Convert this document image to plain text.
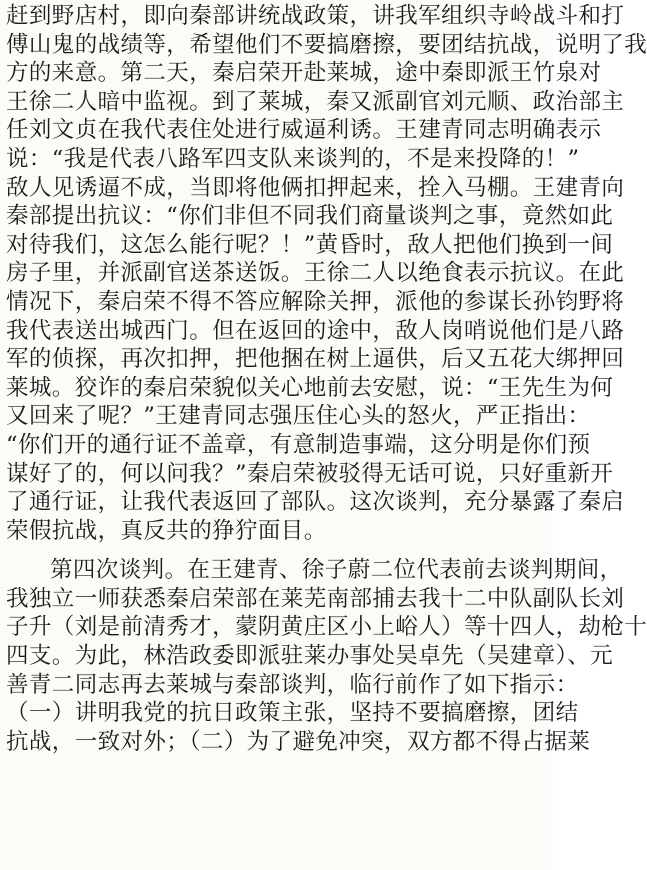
赶到野店村，即向秦部讲统战政策，讲我军组织寺岭战斗和打
傅山鬼的战绩等，希望他们不要搞磨擦，要团结抗战，说明了我
方的来意。第二天，秦启荣开赴莱城，途中秦即派王竹泉对
王徐二人暗中监视。到了莱城，秦又派副官刘元顺、政治部主
任刘文贞在我代表住处进行威逼利诱。王建青同志明确表示
说：“我是代表八路军四支队来谈判的，不是来投降的！”
敌人见诱逼不成，当即将他俩扣押起来，拴入马棚。王建青向
秦部提出抗议：“你们非但不同我们商量谈判之事，竟然如此
对待我们，这怎么能行呢？！”黄昏时，敌人把他们换到一间
房子里，并派副官送茶送饭。王徐二人以绝食表示抗议。在此
情况下，秦启荣不得不答应解除关押，派他的参谋长孙钧野将
我代表送出城西门。但在返回的途中，敌人岗哨说他们是八路
军的侦探，再次扣押，把他捆在树上逼供，后又五花大绑押回
莱城。狡诈的秦启荣貌似关心地前去安慰，说：“王先生为何
又回来了呢？”王建青同志强压住心头的怒火，严正指出：
“你们开的通行证不盖章，有意制造事端，这分明是你们预
谋好了的，何以问我？”秦启荣被驳得无话可说，只好重新开
了通行证，让我代表返回了部队。这次谈判，充分暴露了秦启
荣假抗战，真反共的狰狞面目。
第四次谈判。在王建青、徐子蔚二位代表前去谈判期间，
我独立一师获悉秦启荣部在莱芜南部捕去我十二中队副队长刘
子升（刘是前清秀才，蒙阴黄庄区小上峪人）等十四人，劫枪十
四支。为此，林浩政委即派驻莱办事处吴卓先（吴建章）、元
善青二同志再去莱城与秦部谈判，临行前作了如下指示：
（一）讲明我党的抗日政策主张，坚持不要搞磨擦，团结
抗战，一致对外；（二）为了避免冲突，双方都不得占据莱
